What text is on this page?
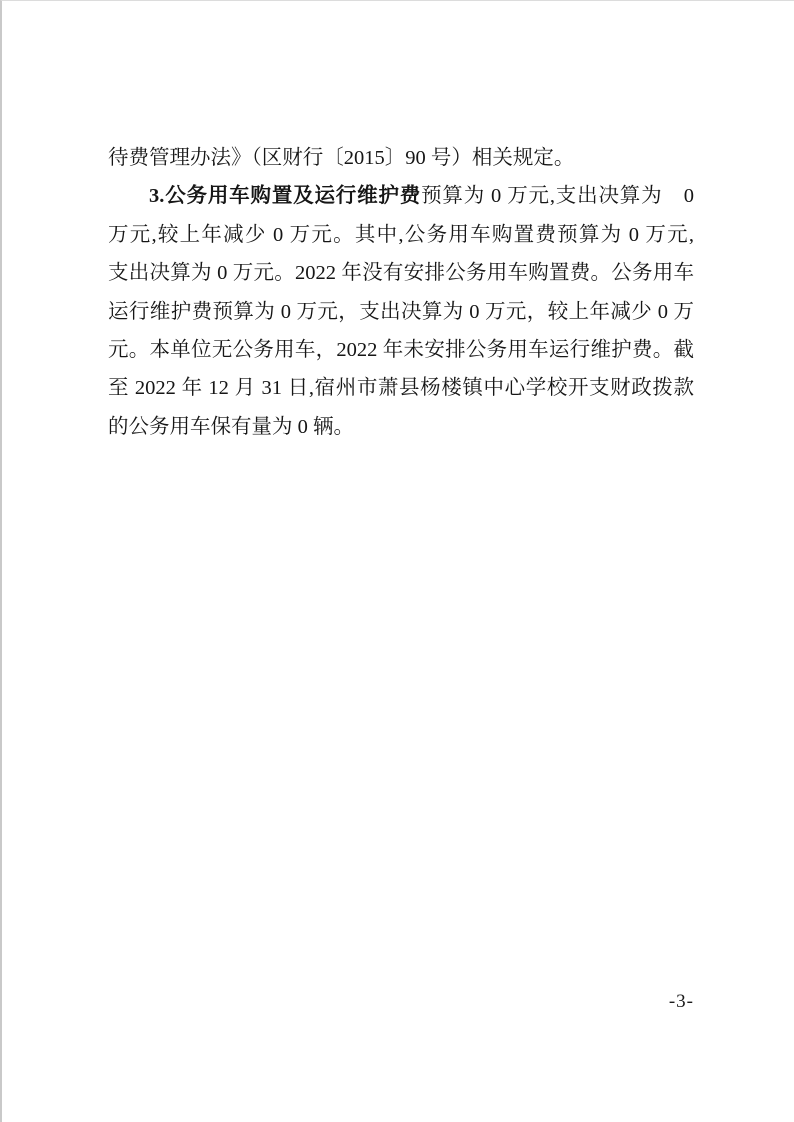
待费管理办法》（区财行〔2015〕90 号）相关规定。
3.公务用车购置及运行维护费预算为 0 万元,支出决算为　0
万元,较上年减少 0 万元。其中,公务用车购置费预算为 0 万元,
支出决算为 0 万元。2022 年没有安排公务用车购置费。公务用车
运行维护费预算为 0 万元，支出决算为 0 万元，较上年减少 0 万
元。本单位无公务用车，2022 年未安排公务用车运行维护费。截
至 2022 年 12 月 31 日,宿州市萧县杨楼镇中心学校开支财政拨款
的公务用车保有量为 0 辆。
-3-
